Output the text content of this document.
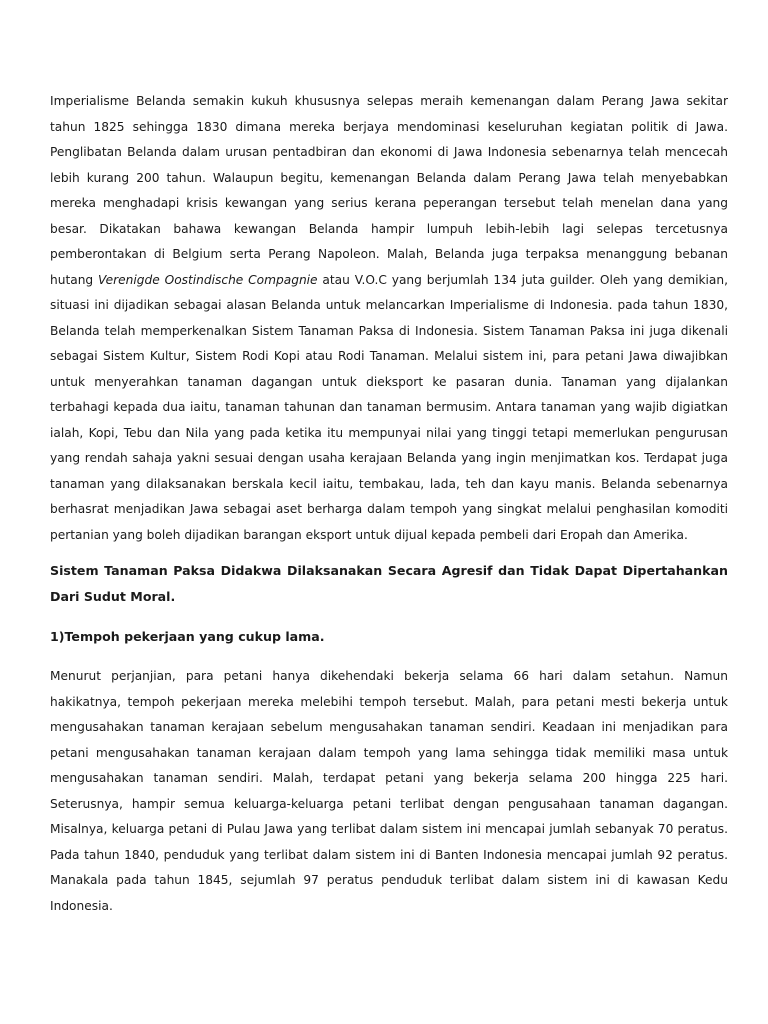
Imperialisme Belanda semakin kukuh khususnya selepas meraih kemenangan dalam Perang Jawa sekitar tahun 1825 sehingga 1830 dimana mereka berjaya mendominasi keseluruhan kegiatan politik di Jawa. Penglibatan Belanda dalam urusan pentadbiran dan ekonomi di Jawa Indonesia sebenarnya telah mencecah lebih kurang 200 tahun. Walaupun begitu, kemenangan Belanda dalam Perang Jawa telah menyebabkan mereka menghadapi krisis kewangan yang serius kerana peperangan tersebut telah menelan dana yang besar. Dikatakan bahawa kewangan Belanda hampir lumpuh lebih-lebih lagi selepas tercetusnya pemberontakan di Belgium serta Perang Napoleon. Malah, Belanda juga terpaksa menanggung bebanan hutang Verenigde Oostindische Compagnie atau V.O.C yang berjumlah 134 juta guilder. Oleh yang demikian, situasi ini dijadikan sebagai alasan Belanda untuk melancarkan Imperialisme di Indonesia. pada tahun 1830, Belanda telah memperkenalkan Sistem Tanaman Paksa di Indonesia. Sistem Tanaman Paksa ini juga dikenali sebagai Sistem Kultur, Sistem Rodi Kopi atau Rodi Tanaman. Melalui sistem ini, para petani Jawa diwajibkan untuk menyerahkan tanaman dagangan untuk dieksport ke pasaran dunia. Tanaman yang dijalankan terbahagi kepada dua iaitu, tanaman tahunan dan tanaman bermusim. Antara tanaman yang wajib digiatkan ialah, Kopi, Tebu dan Nila yang pada ketika itu mempunyai nilai yang tinggi tetapi memerlukan pengurusan yang rendah sahaja yakni sesuai dengan usaha kerajaan Belanda yang ingin menjimatkan kos. Terdapat juga tanaman yang dilaksanakan berskala kecil iaitu, tembakau, lada, teh dan kayu manis. Belanda sebenarnya berhasrat menjadikan Jawa sebagai aset berharga dalam tempoh yang singkat melalui penghasilan komoditi pertanian yang boleh dijadikan barangan eksport untuk dijual kepada pembeli dari Eropah dan Amerika.

Sistem Tanaman Paksa Didakwa Dilaksanakan Secara Agresif dan Tidak Dapat Dipertahankan Dari Sudut Moral.

1)Tempoh pekerjaan yang cukup lama.

Menurut perjanjian, para petani hanya dikehendaki bekerja selama 66 hari dalam setahun. Namun hakikatnya, tempoh pekerjaan mereka melebihi tempoh tersebut. Malah, para petani mesti bekerja untuk mengusahakan tanaman kerajaan sebelum mengusahakan tanaman sendiri. Keadaan ini menjadikan para petani mengusahakan tanaman kerajaan dalam tempoh yang lama sehingga tidak memiliki masa untuk mengusahakan tanaman sendiri. Malah, terdapat petani yang bekerja selama 200 hingga 225 hari. Seterusnya, hampir semua keluarga-keluarga petani terlibat dengan pengusahaan tanaman dagangan. Misalnya, keluarga petani di Pulau Jawa yang terlibat dalam sistem ini mencapai jumlah sebanyak 70 peratus. Pada tahun 1840, penduduk yang terlibat dalam sistem ini di Banten Indonesia mencapai jumlah 92 peratus. Manakala pada tahun 1845, sejumlah 97 peratus penduduk terlibat dalam sistem ini di kawasan Kedu Indonesia.
